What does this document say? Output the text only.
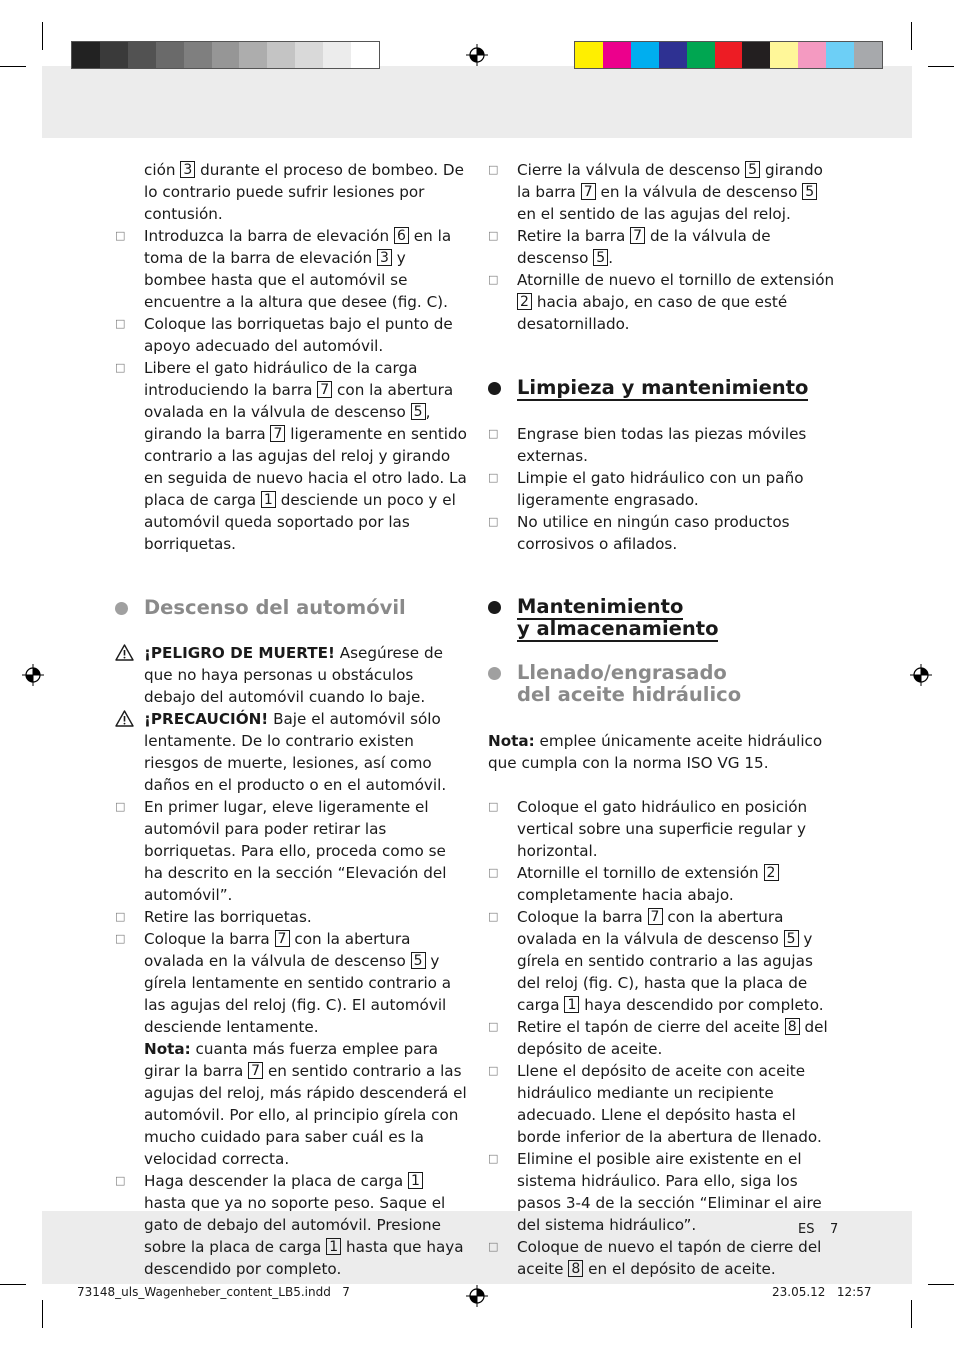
ción 3 durante el proceso de bombeo. De lo contrario puede sufrir lesiones por contusión.
□ Introduzca la barra de elevación 6 en la toma de la barra de elevación 3 y bombee hasta que el automóvil se encuentre a la altura que desee (fig. C).
□ Coloque las borriquetas bajo el punto de apoyo adecuado del automóvil.
□ Libere el gato hidráulico de la carga introduciendo la barra 7 con la abertura ovalada en la válvula de descenso 5 , girando la barra 7 ligeramente en sentido contrario a las agujas del reloj y girando en seguida de nuevo hacia el otro lado. La placa de carga 1 desciende un poco y el automóvil queda soportado por las borriquetas.
Descenso del automóvil
¡PELIGRO DE MUERTE! Asegúrese de que no haya personas u obstáculos debajo del automóvil cuando lo baje.
¡PRECAUCIÓN! Baje el automóvil sólo lentamente. De lo contrario existen riesgos de muerte, lesiones, así como daños en el producto o en el automóvil.
□ En primer lugar, eleve ligeramente el automóvil para poder retirar las borriquetas. Para ello, proceda como se ha descrito en la sección “Elevación del automóvil”.
□ Retire las borriquetas.
□ Coloque la barra 7 con la abertura ovalada en la válvula de descenso 5 y gírela lentamente en sentido contrario a las agujas del reloj (fig. C). El automóvil desciende lentamente.
Nota: cuanta más fuerza emplee para girar la barra 7 en sentido contrario a las agujas del reloj, más rápido descenderá el automóvil. Por ello, al principio gírela con mucho cuidado para saber cuál es la velocidad correcta.
□ Haga descender la placa de carga 1 hasta que ya no soporte peso. Saque el gato de debajo del automóvil. Presione sobre la placa de carga 1 hasta que haya descendido por completo.
□ Cierre la válvula de descenso 5 girando la barra 7 en la válvula de descenso 5 en el sentido de las agujas del reloj.
□ Retire la barra 7 de la válvula de descenso 5 .
□ Atornille de nuevo el tornillo de extensión 2 hacia abajo, en caso de que esté desatornillado.
Limpieza y mantenimiento
□ Engrase bien todas las piezas móviles externas.
□ Limpie el gato hidráulico con un paño ligeramente engrasado.
□ No utilice en ningún caso productos corrosivos o afilados.
Mantenimiento
y almacenamiento
Llenado/engrasado
del aceite hidráulico

Nota: emplee únicamente aceite hidráulico que cumpla con la norma ISO VG 15.

□ Coloque el gato hidráulico en posición vertical sobre una superficie regular y horizontal.
□ Atornille el tornillo de extensión 2 completamente hacia abajo.
□ Coloque la barra 7 con la abertura ovalada en la válvula de descenso 5 y gírela en sentido contrario a las agujas del reloj (fig. C), hasta que la placa de carga 1 haya descendido por completo.
□ Retire el tapón de cierre del aceite 8 del depósito de aceite.
□ Llene el depósito de aceite con aceite hidráulico mediante un recipiente adecuado. Llene el depósito hasta el borde inferior de la abertura de llenado.
□ Elimine el posible aire existente en el sistema hidráulico. Para ello, siga los pasos 3-4 de la sección “Eliminar el aire del sistema hidráulico”.
□ Coloque de nuevo el tapón de cierre del aceite 8 en el depósito de aceite.
ES 7
73148_uls_Wagenheber_content_LB5.indd   7	23.05.12   12:57
